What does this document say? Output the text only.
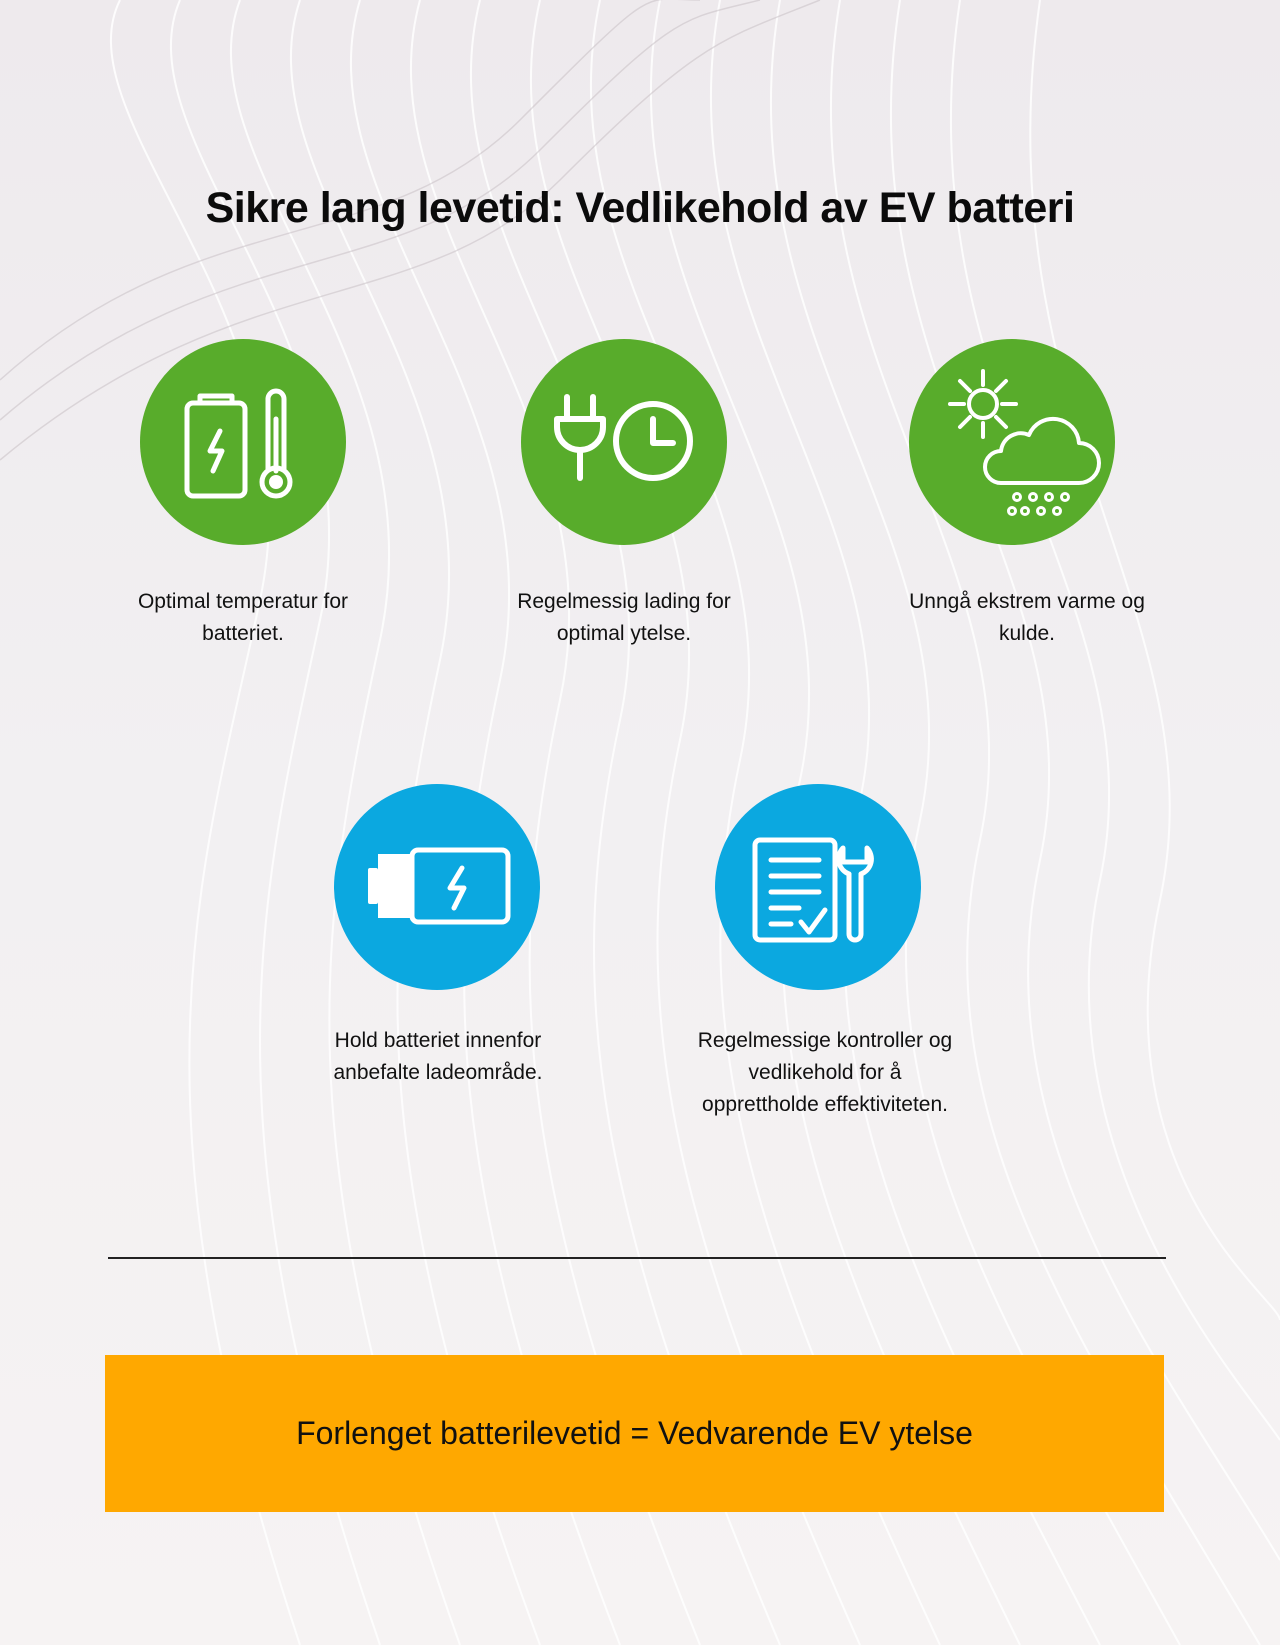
Sikre lang levetid: Vedlikehold av EV batteri
Optimal temperatur for
batteriet.
Regelmessig lading for
optimal ytelse.
Unngå ekstrem varme og
kulde.
Hold batteriet innenfor
anbefalte ladeområde.
Regelmessige kontroller og
vedlikehold for å
opprettholde effektiviteten.
Forlenget batterilevetid = Vedvarende EV ytelse
